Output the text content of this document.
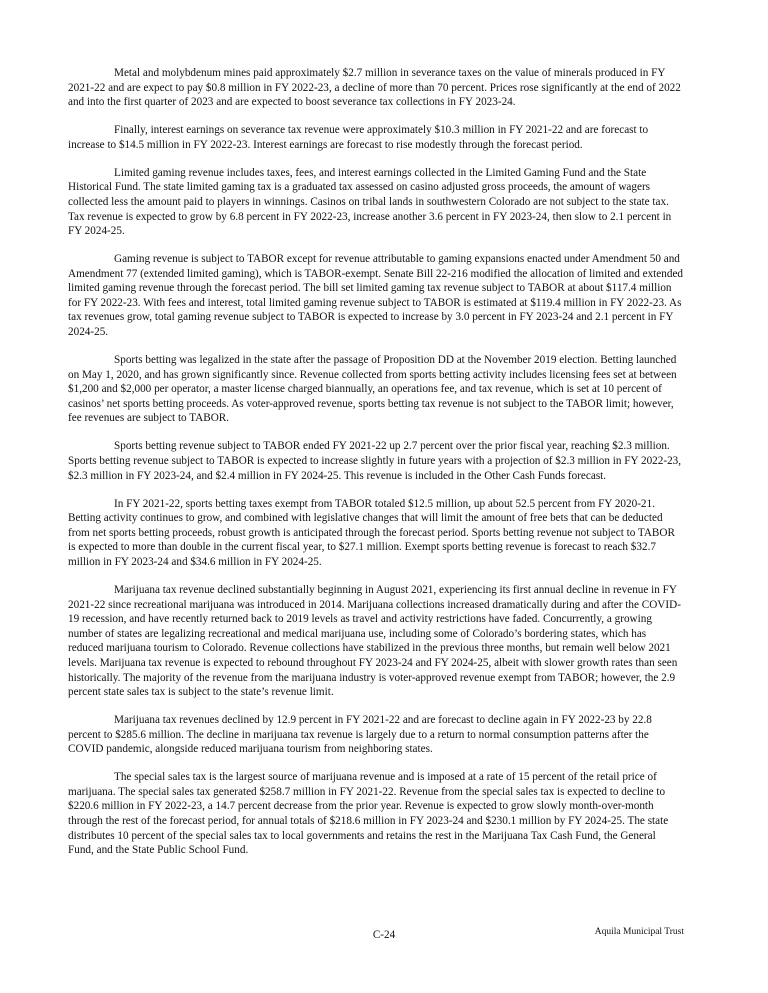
Metal and molybdenum mines paid approximately $2.7 million in severance taxes on the value of minerals produced in FY 2021-22 and are expect to pay $0.8 million in FY 2022-23, a decline of more than 70 percent. Prices rose significantly at the end of 2022 and into the first quarter of 2023 and are expected to boost severance tax collections in FY 2023-24.

Finally, interest earnings on severance tax revenue were approximately $10.3 million in FY 2021-22 and are forecast to increase to $14.5 million in FY 2022-23. Interest earnings are forecast to rise modestly through the forecast period.

Limited gaming revenue includes taxes, fees, and interest earnings collected in the Limited Gaming Fund and the State Historical Fund. The state limited gaming tax is a graduated tax assessed on casino adjusted gross proceeds, the amount of wagers collected less the amount paid to players in winnings. Casinos on tribal lands in southwestern Colorado are not subject to the state tax. Tax revenue is expected to grow by 6.8 percent in FY 2022-23, increase another 3.6 percent in FY 2023-24, then slow to 2.1 percent in FY 2024-25.

Gaming revenue is subject to TABOR except for revenue attributable to gaming expansions enacted under Amendment 50 and Amendment 77 (extended limited gaming), which is TABOR-exempt. Senate Bill 22-216 modified the allocation of limited and extended limited gaming revenue through the forecast period. The bill set limited gaming tax revenue subject to TABOR at about $117.4 million for FY 2022-23. With fees and interest, total limited gaming revenue subject to TABOR is estimated at $119.4 million in FY 2022-23. As tax revenues grow, total gaming revenue subject to TABOR is expected to increase by 3.0 percent in FY 2023-24 and 2.1 percent in FY 2024-25.

Sports betting was legalized in the state after the passage of Proposition DD at the November 2019 election. Betting launched on May 1, 2020, and has grown significantly since. Revenue collected from sports betting activity includes licensing fees set at between $1,200 and $2,000 per operator, a master license charged biannually, an operations fee, and tax revenue, which is set at 10 percent of casinos’ net sports betting proceeds. As voter-approved revenue, sports betting tax revenue is not subject to the TABOR limit; however, fee revenues are subject to TABOR.

Sports betting revenue subject to TABOR ended FY 2021-22 up 2.7 percent over the prior fiscal year, reaching $2.3 million. Sports betting revenue subject to TABOR is expected to increase slightly in future years with a projection of $2.3 million in FY 2022-23, $2.3 million in FY 2023-24, and $2.4 million in FY 2024-25. This revenue is included in the Other Cash Funds forecast.

In FY 2021-22, sports betting taxes exempt from TABOR totaled $12.5 million, up about 52.5 percent from FY 2020-21. Betting activity continues to grow, and combined with legislative changes that will limit the amount of free bets that can be deducted from net sports betting proceeds, robust growth is anticipated through the forecast period. Sports betting revenue not subject to TABOR is expected to more than double in the current fiscal year, to $27.1 million. Exempt sports betting revenue is forecast to reach $32.7 million in FY 2023-24 and $34.6 million in FY 2024-25.

Marijuana tax revenue declined substantially beginning in August 2021, experiencing its first annual decline in revenue in FY 2021-22 since recreational marijuana was introduced in 2014. Marijuana collections increased dramatically during and after the COVID-19 recession, and have recently returned back to 2019 levels as travel and activity restrictions have faded. Concurrently, a growing number of states are legalizing recreational and medical marijuana use, including some of Colorado’s bordering states, which has reduced marijuana tourism to Colorado. Revenue collections have stabilized in the previous three months, but remain well below 2021 levels. Marijuana tax revenue is expected to rebound throughout FY 2023-24 and FY 2024-25, albeit with slower growth rates than seen historically. The majority of the revenue from the marijuana industry is voter-approved revenue exempt from TABOR; however, the 2.9 percent state sales tax is subject to the state’s revenue limit.

Marijuana tax revenues declined by 12.9 percent in FY 2021-22 and are forecast to decline again in FY 2022-23 by 22.8 percent to $285.6 million. The decline in marijuana tax revenue is largely due to a return to normal consumption patterns after the COVID pandemic, alongside reduced marijuana tourism from neighboring states.

The special sales tax is the largest source of marijuana revenue and is imposed at a rate of 15 percent of the retail price of marijuana. The special sales tax generated $258.7 million in FY 2021-22. Revenue from the special sales tax is expected to decline to $220.6 million in FY 2022-23, a 14.7 percent decrease from the prior year. Revenue is expected to grow slowly month-over-month through the rest of the forecast period, for annual totals of $218.6 million in FY 2023-24 and $230.1 million by FY 2024-25. The state distributes 10 percent of the special sales tax to local governments and retains the rest in the Marijuana Tax Cash Fund, the General Fund, and the State Public School Fund.

C-24	Aquila Municipal Trust
